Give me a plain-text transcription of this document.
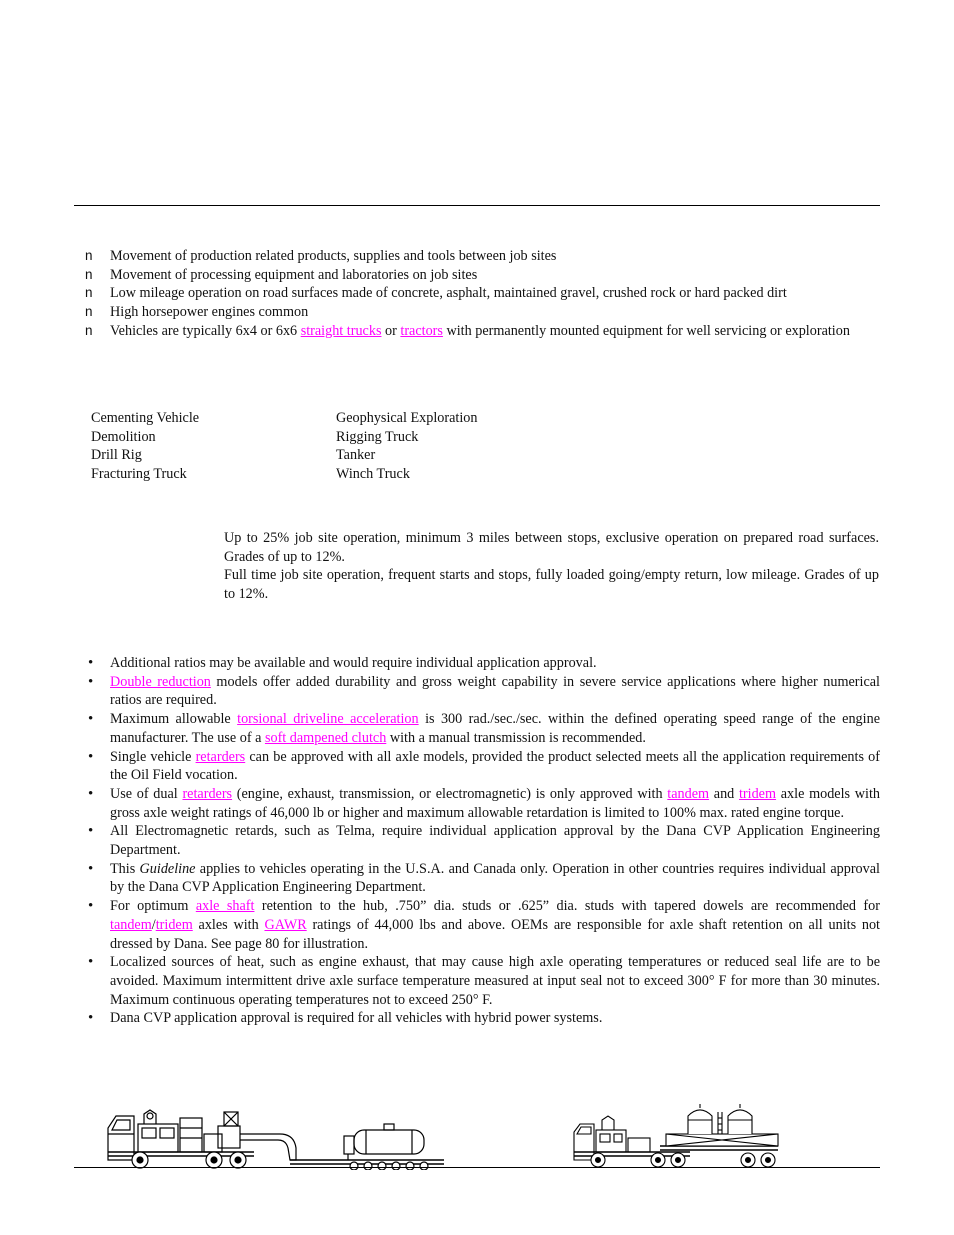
n Movement of production related products, supplies and tools between job sites
n Movement of processing equipment and laboratories on job sites
n Low mileage operation on road surfaces made of concrete, asphalt, maintained gravel, crushed rock or hard packed dirt
n High horsepower engines common
n Vehicles are typically 6x4 or 6x6 straight trucks or tractors with permanently mounted equipment for well servicing or exploration
Cementing Vehicle	Geophysical Exploration
Demolition	Rigging Truck
Drill Rig	Tanker
Fracturing Truck	Winch Truck

Up to 25% job site operation, minimum 3 miles between stops, exclusive operation on prepared road surfaces. Grades of up to 12%.

Full time job site operation, frequent starts and stops, fully loaded going/empty return, low mileage. Grades of up to 12%.

• Additional ratios may be available and would require individual application approval.
• Double reduction models offer added durability and gross weight capability in severe service applications where higher numerical ratios are required.
• Maximum allowable torsional driveline acceleration is 300 rad./sec./sec. within the defined operating speed range of the engine manufacturer. The use of a soft dampened clutch with a manual transmission is recommended.
• Single vehicle retarders can be approved with all axle models, provided the product selected meets all the application requirements of the Oil Field vocation.
• Use of dual retarders (engine, exhaust, transmission, or electromagnetic) is only approved with tandem and tridem axle models with gross axle weight ratings of 46,000 lb or higher and maximum allowable retardation is limited to 100% max. rated engine torque.
• All Electromagnetic retards, such as Telma, require individual application approval by the Dana CVP Application Engineering Department.
• This Guideline applies to vehicles operating in the U.S.A. and Canada only. Operation in other countries requires individual approval by the Dana CVP Application Engineering Department.
• For optimum axle shaft retention to the hub, .750” dia. studs or .625” dia. studs with tapered dowels are recommended for tandem/tridem axles with GAWR ratings of 44,000 lbs and above. OEMs are responsible for axle shaft retention on all units not dressed by Dana. See page 80 for illustration.
• Localized sources of heat, such as engine exhaust, that may cause high axle operating temperatures or reduced seal life are to be avoided. Maximum intermittent drive axle surface temperature measured at input seal not to exceed 300° F for more than 30 minutes. Maximum continuous operating temperatures not to exceed 250° F.
• Dana CVP application approval is required for all vehicles with hybrid power systems.
